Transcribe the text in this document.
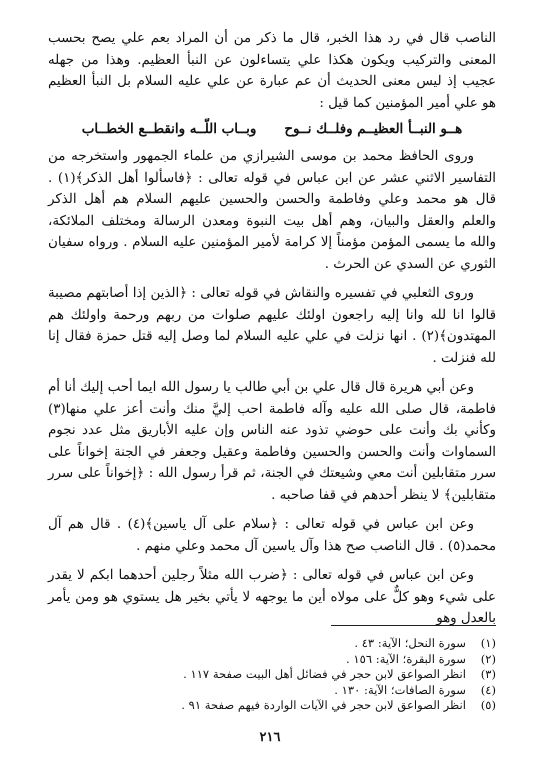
الناصب قال في رد هذا الخبر، قال ما ذكر من أن المراد بعم علي يصح بحسب المعنى والتركيب ويكون هكذا علي يتساءلون عن النبأ العظيم. وهذا من جهله عجيب إذ ليس معنى الحديث أن عم عبارة عن علي عليه السلام بل النبأ العظيم هو علي أمير المؤمنين كما قيل :

هــو النبــأ العظيــم وفلــك نــوح
وبــاب اللّــه وانقطــع الخطــاب

وروى الحافظ محمد بن موسى الشيرازي من علماء الجمهور واستخرجه من التفاسير الاثني عشر عن ابن عباس في قوله تعالى : ﴿فاسألوا أهل الذكر﴾(١) . قال هو محمد وعلي وفاطمة والحسن والحسين عليهم السلام هم أهل الذكر والعلم والعقل والبيان، وهم أهل بيت النبوة ومعدن الرسالة ومختلف الملائكة، والله ما يسمى المؤمن مؤمناً إلا كرامة لأمير المؤمنين عليه السلام . ورواه سفيان الثوري عن السدي عن الحرث .

وروى الثعلبي في تفسيره والنقاش في قوله تعالى : ﴿الذين إذا أصابتهم مصيبة قالوا انا لله وانا إليه راجعون اولئك عليهم صلوات من ربهم ورحمة واولئك هم المهتدون﴾(٢) . انها نزلت في علي عليه السلام لما وصل إليه قتل حمزة فقال إنا لله فنزلت .

وعن أبي هريرة قال قال علي بن أبي طالب يا رسول الله ايما أحب إليك أنا أم فاطمة، قال صلى الله عليه وآله فاطمة احب إليَّ منك وأنت أعز علي منها(٣) وكأني بك وأنت على حوضي تذود عنه الناس وإن عليه الأباريق مثل عدد نجوم السماوات وأنت والحسن والحسين وفاطمة وعقيل وجعفر في الجنة إخواناً على سرر متقابلين أنت معي وشيعتك في الجنة، ثم قرأ رسول الله : ﴿إخواناً على سرر متقابلين﴾ لا ينظر أحدهم في قفا صاحبه .

وعن ابن عباس في قوله تعالى : ﴿سلام على آل ياسين﴾(٤) . قال هم آل محمد(٥) . قال الناصب صح هذا وآل ياسين آل محمد وعلي منهم .

وعن ابن عباس في قوله تعالى : ﴿ضرب الله مثلاً رجلين أحدهما ابكم لا يقدر على شيء وهو كلٌّ على مولاه أين ما يوجهه لا يأتي بخير هل يستوي هو ومن يأمر بالعدل وهو

(١)
سورة النحل؛ الآية: ٤٣ .
(٢)
سورة البقرة؛ الآية: ١٥٦ .
(٣)
انظر الصواعق لابن حجر في فضائل أهل البيت صفحة ١١٧ .
(٤)
سورة الصافات؛ الآية: ١٣٠ .
(٥)
انظر الصواعق لابن حجر في الآيات الواردة فيهم صفحة ٩١ .
٢١٦
